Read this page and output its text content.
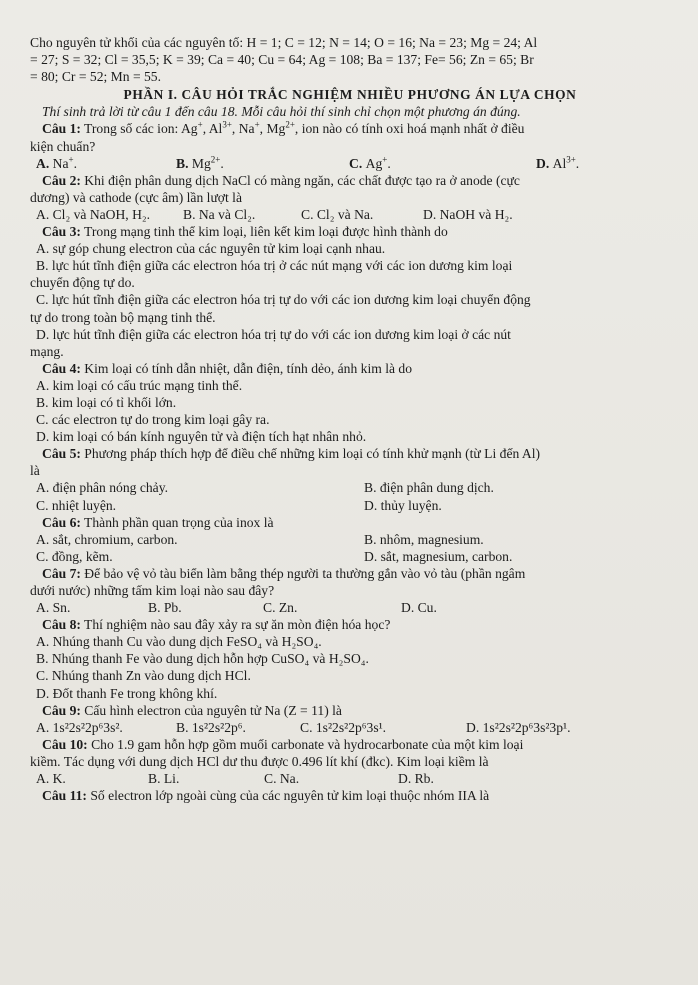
Cho nguyên tử khối của các nguyên tố: H = 1; C = 12; N = 14; O = 16; Na = 23; Mg = 24; Al
= 27; S = 32; Cl = 35,5; K = 39; Ca = 40; Cu = 64; Ag = 108; Ba = 137; Fe= 56; Zn = 65; Br
= 80; Cr = 52; Mn = 55.
PHẦN I. CÂU HỎI TRẮC NGHIỆM NHIỀU PHƯƠNG ÁN LỰA CHỌN
Thí sinh trả lời từ câu 1 đến câu 18. Mỗi câu hỏi thí sinh chỉ chọn một phương án đúng.
Câu 1: Trong số các ion: Ag+, $Al^{3+}$, Na+, $Mg^{2+}$, ion nào có tính oxi hoá mạnh nhất ở điều
kiện chuẩn?
A. Na+.	B. $Mg^{2+}$.	C. Ag+.	D. $Al^{3+}$.
Câu 2: Khi điện phân dung dịch NaCl có màng ngăn, các chất được tạo ra ở anode (cực
dương) và cathode (cực âm) lần lượt là
A. Cl₂ và NaOH, H₂.	B. Na và Cl₂.	C. Cl₂ và Na.	D. NaOH và H₂.
Câu 3: Trong mạng tinh thể kim loại, liên kết kim loại được hình thành do
A. sự góp chung electron của các nguyên tử kim loại cạnh nhau.
B. lực hút tĩnh điện giữa các electron hóa trị ở các nút mạng với các ion dương kim loại
chuyển động tự do.
C. lực hút tĩnh điện giữa các electron hóa trị tự do với các ion dương kim loại chuyển động
tự do trong toàn bộ mạng tinh thể.
D. lực hút tĩnh điện giữa các electron hóa trị tự do với các ion dương kim loại ở các nút
mạng.
Câu 4: Kim loại có tính dẫn nhiệt, dẫn điện, tính dẻo, ánh kim là do
A. kim loại có cấu trúc mạng tinh thể.
B. kim loại có tỉ khối lớn.
C. các electron tự do trong kim loại gây ra.
D. kim loại có bán kính nguyên tử và điện tích hạt nhân nhỏ.
Câu 5: Phương pháp thích hợp để điều chế những kim loại có tính khử mạnh (từ Li đến Al)
là
A. điện phân nóng chảy.	B. điện phân dung dịch.
C. nhiệt luyện.	D. thủy luyện.
Câu 6: Thành phần quan trọng của inox là
A. sắt, chromium, carbon.	B. nhôm, magnesium.
C. đồng, kẽm.	D. sắt, magnesium, carbon.
Câu 7: Để bảo vệ vỏ tàu biển làm bằng thép người ta thường gắn vào vỏ tàu (phần ngâm
dưới nước) những tấm kim loại nào sau đây?
A. Sn.	B. Pb.	C. Zn.	D. Cu.
Câu 8: Thí nghiệm nào sau đây xảy ra sự ăn mòn điện hóa học?
A. Nhúng thanh Cu vào dung dịch FeSO₄ và H₂SO₄.
B. Nhúng thanh Fe vào dung dịch hỗn hợp CuSO₄ và H₂SO₄.
C. Nhúng thanh Zn vào dung dịch HCl.
D. Đốt thanh Fe trong không khí.
Câu 9: Cấu hình electron của nguyên tử Na (Z = 11) là
A. 1s²2s²2p⁶3s².	B. 1s²2s²2p⁶.	C. 1s²2s²2p⁶3s¹.	D. 1s²2s²2p⁶3s²3p¹.
Câu 10: Cho 1.9 gam hỗn hợp gồm muối carbonate và hydrocarbonate của một kim loại
kiềm. Tác dụng với dung dịch HCl dư thu được 0.496 lít khí (đkc). Kim loại kiềm là
A. K.	B. Li.	C. Na.	D. Rb.
Câu 11: Số electron lớp ngoài cùng của các nguyên tử kim loại thuộc nhóm IIA là
